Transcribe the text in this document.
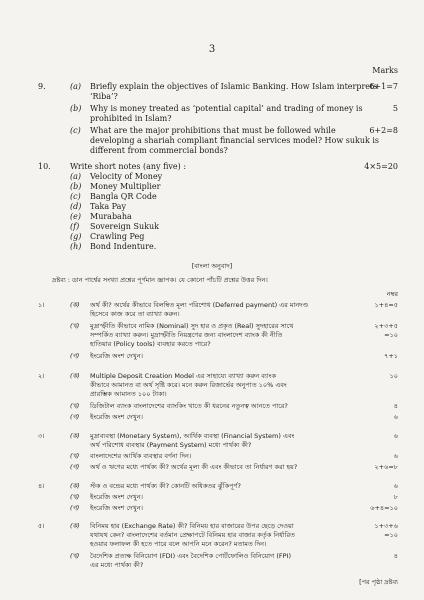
3
Marks
9.	(a) Briefly explain the objectives of Islamic Banking. How Islam interprets ‘Riba’?
6+1=7
(b) Why is money treated as ‘potential capital’ and trading of money is prohibited in Islam?
5
(c) What are the major prohibitions that must be followed while developing a shariah compliant financial services model? How sukuk is different from commercial bonds?
6+2=8
10. Write short notes (any five) :	4×5=20
(a) Velocity of Money
(b) Money Multiplier
(c) Bangla QR Code
(d) Taka Pay
(e) Murabaha
(f) Sovereign Sukuk
(g) Crawling Peg
(h) Bond Indenture.
[বাংলা অনুবাদ]
দ্রষ্টব্য : ডান পার্শ্বের সংখ্যা প্রশ্নের পূর্ণমান জ্ঞাপক। যে কোনো পাঁচটি প্রশ্নের উত্তর দিন।
নম্বর
১।	(ক) অর্থ কী? অর্থের কীভাবে বিলম্বিত মূল্য পরিশোধ (Deferred payment) এর মানদণ্ড
হিসেবে কাজ করে তা ব্যাখ্যা করুন।
১+৪=৫
(খ) মুদ্রাস্ফীতি কীভাবে নামিক (Nominal) সুদ হার ও প্রকৃত (Real) সুদহারের সাথে
সম্পর্কিত ব্যাখ্যা করুন। মুদ্রাস্ফীতি নিয়ন্ত্রণের জন্য বাংলাদেশ ব্যাংক কী নীতি
হাতিয়ার (Policy tools) ব্যবহার করতে পারে?
২+৩+৫
=১০
(গ) ইংরেজি অংশ দেখুন।	৭+১
২।	(ক) Multiple Deposit Creation Model এর সাহায্যে ব্যাখ্যা করুন ব্যাংক
কীভাবে আমানত বা অর্থ সৃষ্টি করে। মনে করুন রিজার্ভের অনুপাত ১০% এবং
প্রারম্ভিক আমানত ১০০ টাকা।
১০
(খ) ডিজিটাল ব্যাংক বাংলাদেশের ব্যাংকিং খাতে কী ধরনের নতুনত্ব আনতে পারে?	৪
(গ) ইংরেজি অংশ দেখুন।	৬
৩।	(ক) মুদ্রাব্যবস্থা (Monetary System), আর্থিক ব্যবস্থা (Financial System) এবং
অর্থ পরিশোধ ব্যবস্থার (Payment System) মধ্যে পার্থক্য কী?
৬
(খ) বাংলাদেশের আর্থিক ব্যবস্থার বর্ণনা দিন।	৬
(গ) অর্থ ও ঋণের মধ্যে পার্থক্য কী? অর্থের মূল্য কী এবং কীভাবে তা নির্ধারণ করা হয়?	২+৬=৮
৪।	(ক) স্টক ও বন্ডের মধ্যে পার্থক্য কী? কোনটি অধিকতর ঝুঁকিপূর্ণ?	৬
(খ) ইংরেজি অংশ দেখুন।	৮
(গ) ইংরেজি অংশ দেখুন।	৬+৪=১০
৫।	(ক) বিনিময় হার (Exchange Rate) কী? বিনিময় হার বাজারের উপর ছেড়ে দেওয়া
যথাযথ কেন? বাংলাদেশের বর্তমান প্রেক্ষাপটে বিনিময় হার বাজার কর্তৃক নির্ধারিত
হওয়ার ফলাফল কী হতে পারে বলে আপনি মনে করেন? মতামত দিন।
১+৩+৬
=১০
(খ) বৈদেশিক প্রত্যক্ষ বিনিয়োগ (FDI) এবং বৈদেশিক পোর্টফোলিও বিনিয়োগ (FPI)
এর মধ্যে পার্থক্য কী?
৪
[পর পৃষ্ঠা দ্রষ্টব্য
